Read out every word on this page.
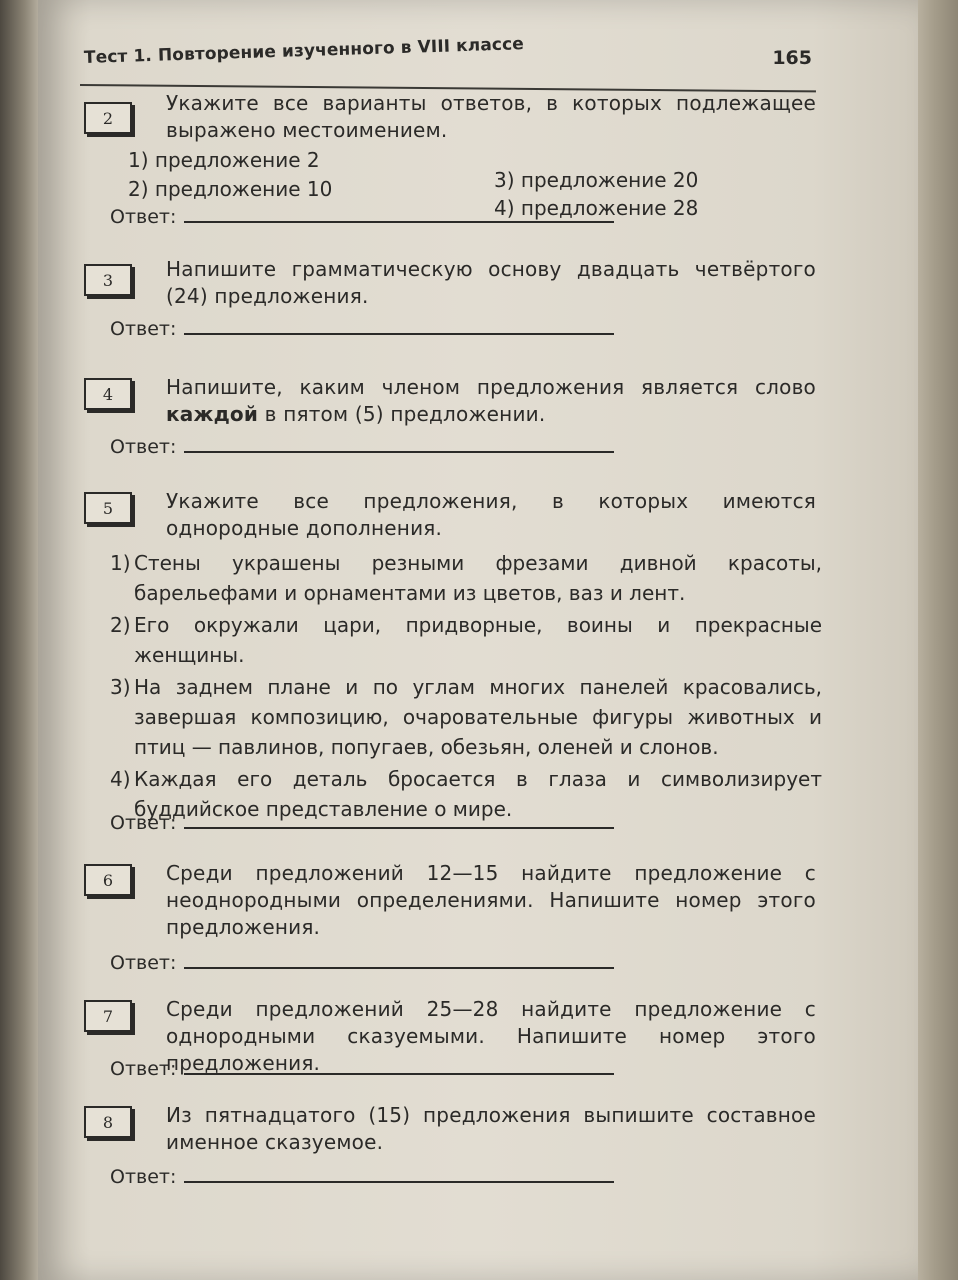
Тест 1. Повторение изученного в VIII классе	165
2
Укажите все варианты ответов, в которых подлежащее выражено местоимением.
1) предложение 2
2) предложение 10	3) предложение 20
4) предложение 28
Ответ:
3	Напишите грамматическую основу двадцать четвёртого (24) предложения.
Ответ:
4	Напишите, каким членом предложения является слово каждой в пятом (5) предложении.
Ответ:
5	Укажите все предложения, в которых имеются однородные дополнения.
1) Стены украшены резными фрезами дивной красоты, барельефами и орнаментами из цветов, ваз и лент.
2) Его окружали цари, придворные, воины и прекрасные женщины.
3) На заднем плане и по углам многих панелей красовались, завершая композицию, очаровательные фигуры животных и птиц — павлинов, попугаев, обезьян, оленей и слонов.
4) Каждая его деталь бросается в глаза и символизирует буддийское представление о мире.
Ответ:
6	Среди предложений 12—15 найдите предложение с неоднородными определениями. Напишите номер этого предложения.
Ответ:
7	Среди предложений 25—28 найдите предложение с однородными сказуемыми. Напишите номер этого предложения.
Ответ:
8	Из пятнадцатого (15) предложения выпишите составное именное сказуемое.
Ответ:
